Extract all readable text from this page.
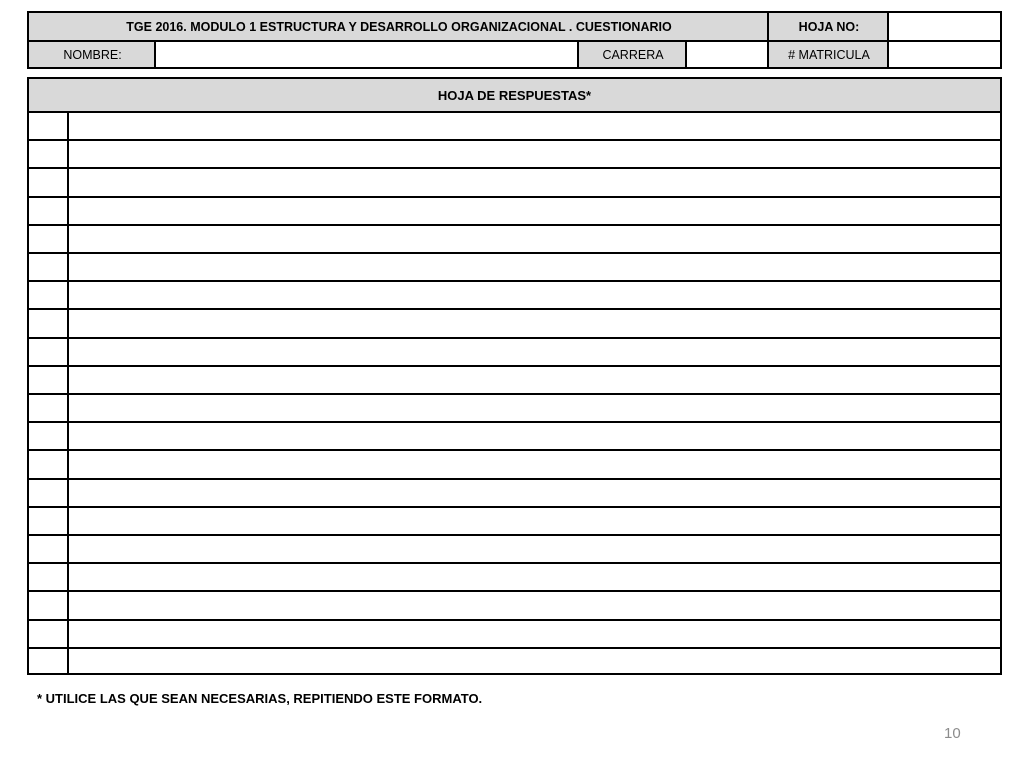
TGE 2016. MODULO 1 ESTRUCTURA Y DESARROLLO ORGANIZACIONAL . CUESTIONARIO	HOJA NO:
NOMBRE:	CARRERA	# MATRICULA
HOJA DE RESPUESTAS*
* UTILICE LAS QUE SEAN NECESARIAS, REPITIENDO ESTE FORMATO.
10
